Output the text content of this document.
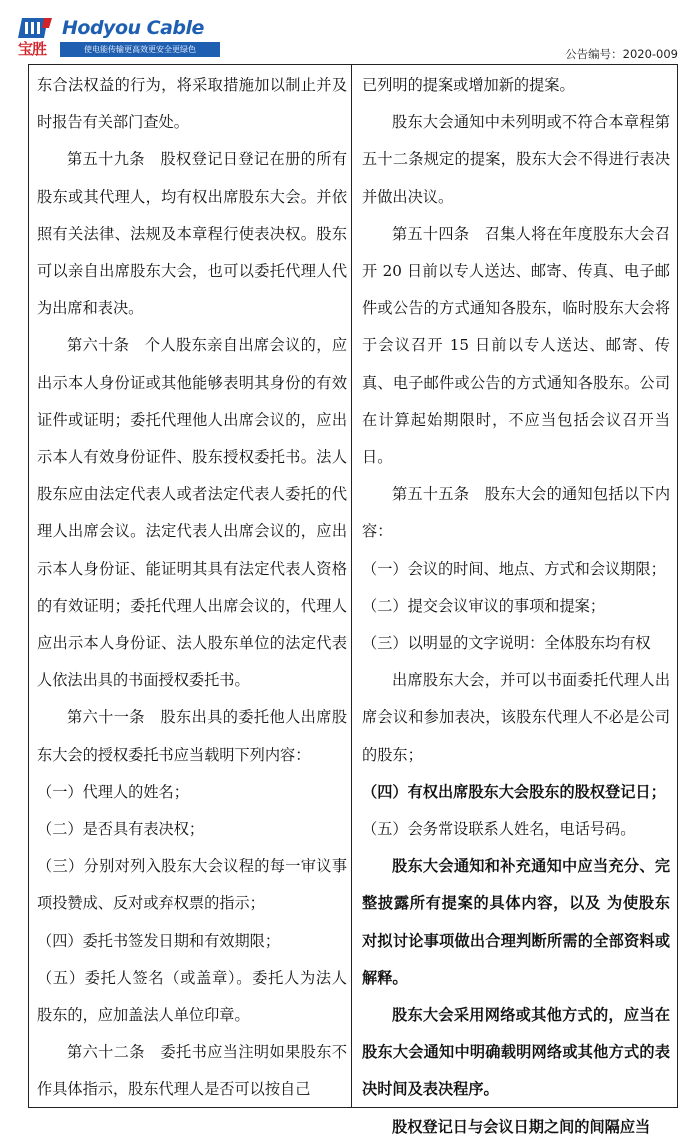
宝胜
Hodyou Cable
使电能传输更高效更安全更绿色	公告编号：2020-009

东合法权益的行为，将采取措施加以制止并及时报告有关部门查处。

第五十九条　股权登记日登记在册的所有股东或其代理人，均有权出席股东大会。并依照有关法律、法规及本章程行使表决权。股东可以亲自出席股东大会，也可以委托代理人代为出席和表决。

第六十条　个人股东亲自出席会议的，应出示本人身份证或其他能够表明其身份的有效证件或证明；委托代理他人出席会议的，应出示本人有效身份证件、股东授权委托书。法人股东应由法定代表人或者法定代表人委托的代理人出席会议。法定代表人出席会议的，应出示本人身份证、能证明其具有法定代表人资格的有效证明；委托代理人出席会议的，代理人应出示本人身份证、法人股东单位的法定代表人依法出具的书面授权委托书。

第六十一条　股东出具的委托他人出席股东大会的授权委托书应当载明下列内容：

（一）代理人的姓名；

（二）是否具有表决权；

（三）分别对列入股东大会议程的每一审议事项投赞成、反对或弃权票的指示；

（四）委托书签发日期和有效期限；

（五）委托人签名（或盖章）。委托人为法人股东的，应加盖法人单位印章。

第六十二条　委托书应当注明如果股东不作具体指示，股东代理人是否可以按自己

已列明的提案或增加新的提案。

股东大会通知中未列明或不符合本章程第五十二条规定的提案，股东大会不得进行表决并做出决议。

第五十四条　召集人将在年度股东大会召开 20 日前以专人送达、邮寄、传真、电子邮件或公告的方式通知各股东，临时股东大会将于会议召开 15 日前以专人送达、邮寄、传真、电子邮件或公告的方式通知各股东。公司在计算起始期限时，不应当包括会议召开当日。

第五十五条　股东大会的通知包括以下内容：

（一）会议的时间、地点、方式和会议期限；

（二）提交会议审议的事项和提案；

（三）以明显的文字说明：全体股东均有权

出席股东大会，并可以书面委托代理人出席会议和参加表决，该股东代理人不必是公司的股东；

（四）有权出席股东大会股东的股权登记日；

（五）会务常设联系人姓名，电话号码。

股东大会通知和补充通知中应当充分、完整披露所有提案的具体内容，以及 为使股东对拟讨论事项做出合理判断所需的全部资料或解释。

股东大会采用网络或其他方式的，应当在股东大会通知中明确载明网络或其他方式的表决时间及表决程序。

股权登记日与会议日期之间的间隔应当
